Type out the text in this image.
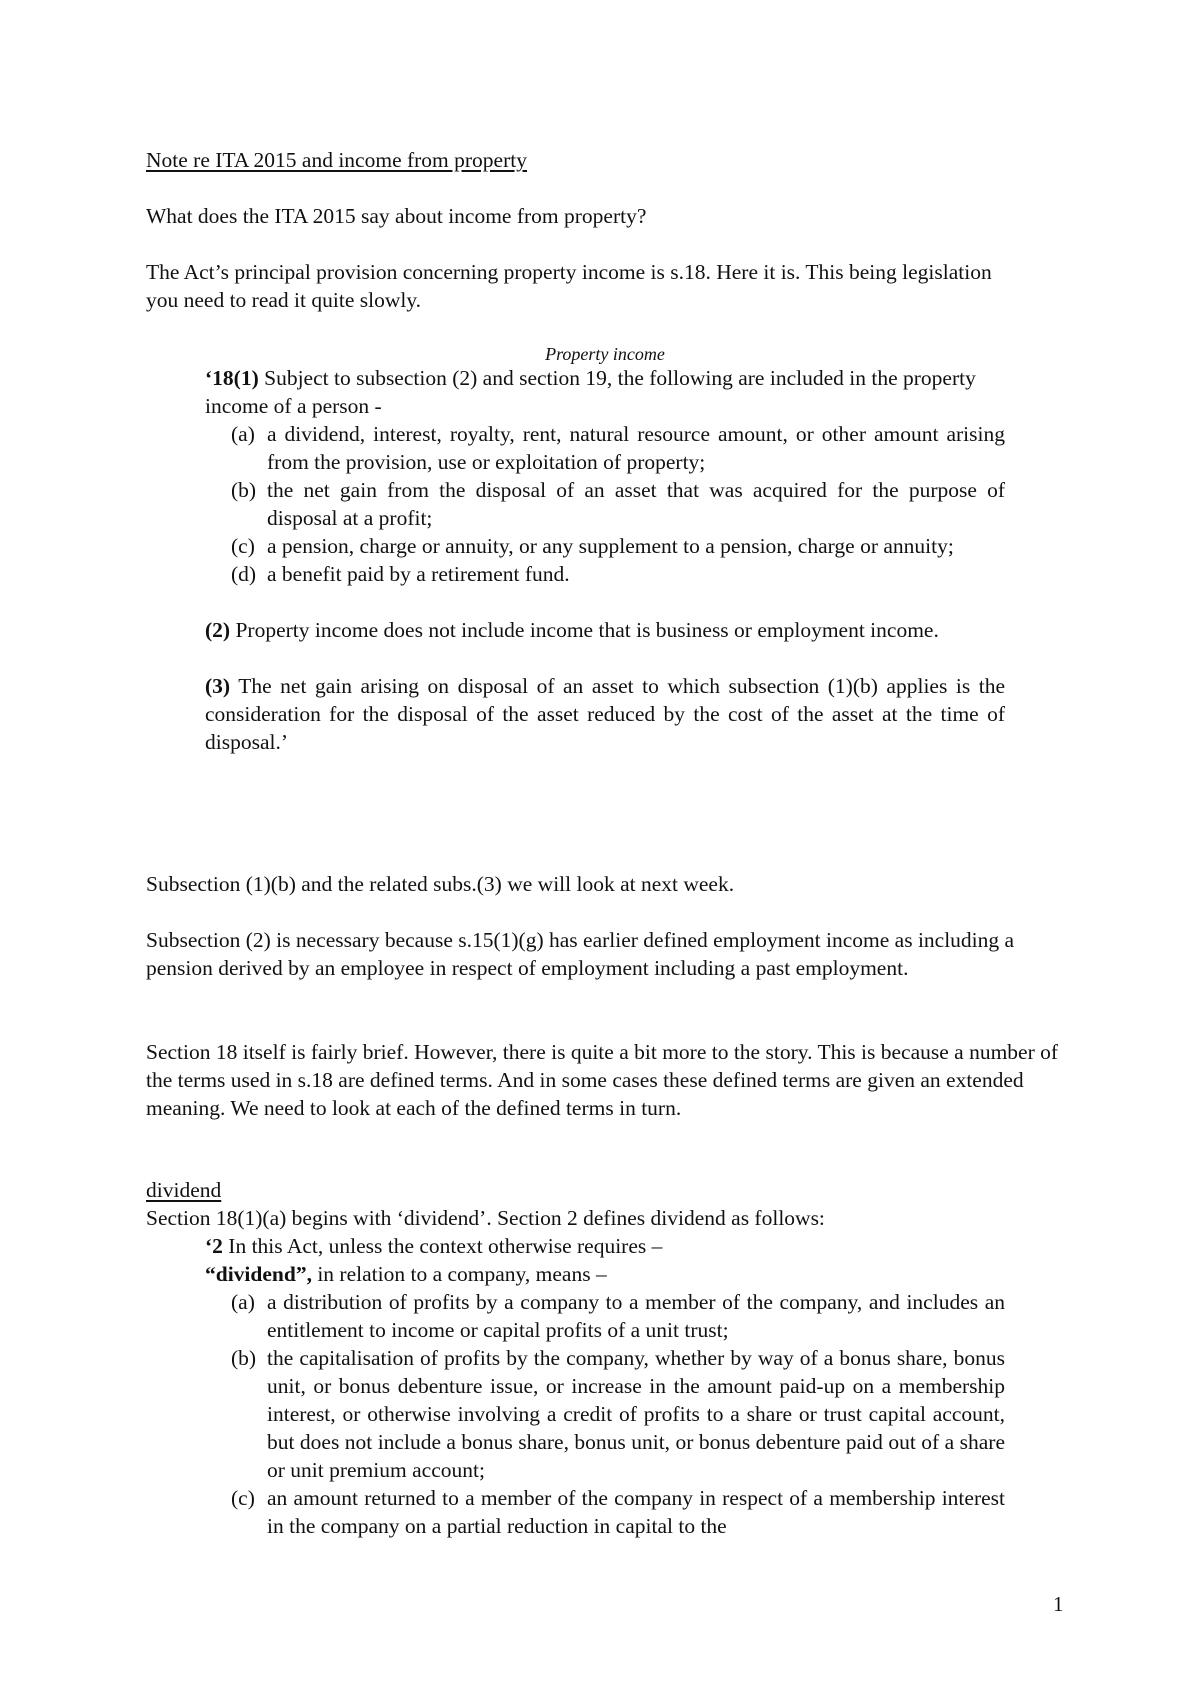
Note re ITA 2015 and income from property

What does the ITA 2015 say about income from property?

The Act’s principal provision concerning property income is s.18. Here it is. This being legislation you need to read it quite slowly.

Property income

‘18(1) Subject to subsection (2) and section 19, the following are included in the property income of a person -

(a) a dividend, interest, royalty, rent, natural resource amount, or other amount arising from the provision, use or exploitation of property;
(b) the net gain from the disposal of an asset that was acquired for the purpose of disposal at a profit;
(c) a pension, charge or annuity, or any supplement to a pension, charge or annuity;
(d) a benefit paid by a retirement fund.

(2) Property income does not include income that is business or employment income.

(3) The net gain arising on disposal of an asset to which subsection (1)(b) applies is the consideration for the disposal of the asset reduced by the cost of the asset at the time of disposal.’

Subsection (1)(b) and the related subs.(3) we will look at next week.

Subsection (2) is necessary because s.15(1)(g) has earlier defined employment income as including a pension derived by an employee in respect of employment including a past employment.

Section 18 itself is fairly brief. However, there is quite a bit more to the story. This is because a number of the terms used in s.18 are defined terms. And in some cases these defined terms are given an extended meaning. We need to look at each of the defined terms in turn.

dividend

Section 18(1)(a) begins with ‘dividend’. Section 2 defines dividend as follows:

‘2 In this Act, unless the context otherwise requires –

“dividend”, in relation to a company, means –

(a) a distribution of profits by a company to a member of the company, and includes an entitlement to income or capital profits of a unit trust;
(b) the capitalisation of profits by the company, whether by way of a bonus share, bonus unit, or bonus debenture issue, or increase in the amount paid-up on a membership interest, or otherwise involving a credit of profits to a share or trust capital account, but does not include a bonus share, bonus unit, or bonus debenture paid out of a share or unit premium account;
(c) an amount returned to a member of the company in respect of a membership interest in the company on a partial reduction in capital to the
1
